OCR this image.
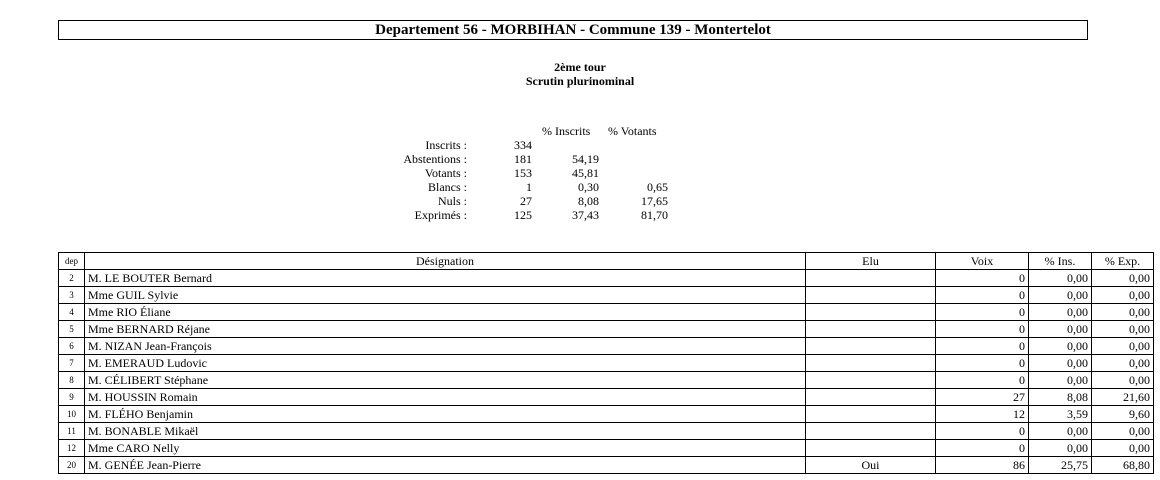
Departement 56 - MORBIHAN - Commune 139 - Montertelot
2ème tour
Scrutin plurinominal
% Inscrits % Votants
Inscrits :	334
Abstentions :	181	54,19
Votants :	153	45,81
Blancs :	1	0,30	0,65
Nuls :	27	8,08	17,65
Exprimés :	125	37,43	81,70
dep	Désignation	Elu	Voix	% Ins.	% Exp.
2	M. LE BOUTER Bernard		0	0,00	0,00
3	Mme GUIL Sylvie		0	0,00	0,00
4	Mme RIO Éliane		0	0,00	0,00
5	Mme BERNARD Réjane		0	0,00	0,00
6	M. NIZAN Jean-François		0	0,00	0,00
7	M. EMERAUD Ludovic		0	0,00	0,00
8	M. CÉLIBERT Stéphane		0	0,00	0,00
9	M. HOUSSIN Romain		27	8,08	21,60
10	M. FLÉHO Benjamin		12	3,59	9,60
11	M. BONABLE Mikaël		0	0,00	0,00
12	Mme CARO Nelly		0	0,00	0,00
20	M. GENÉE Jean-Pierre	Oui	86	25,75	68,80
